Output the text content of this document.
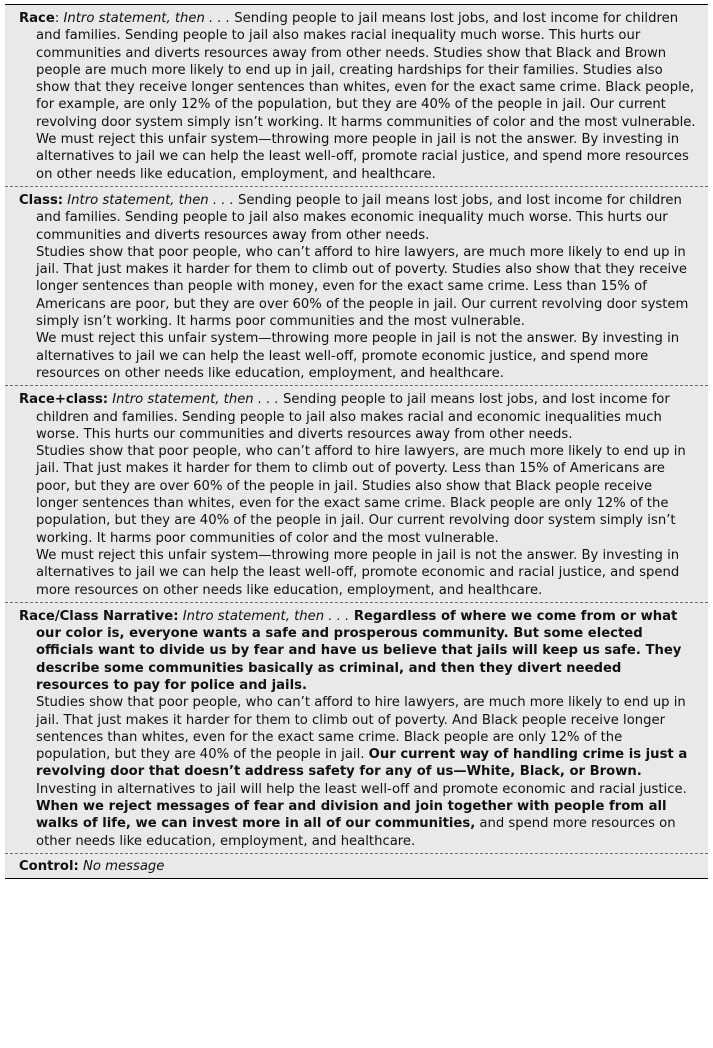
Race: Intro statement, then . . . Sending people to jail means lost jobs, and lost income for children and families. Sending people to jail also makes racial inequality much worse. This hurts our communities and diverts resources away from other needs. Studies show that Black and Brown people are much more likely to end up in jail, creating hardships for their families. Studies also show that they receive longer sentences than whites, even for the exact same crime. Black people, for example, are only 12% of the population, but they are 40% of the people in jail. Our current revolving door system simply isn’t working. It harms communities of color and the most vulnerable.

We must reject this unfair system—throwing more people in jail is not the answer. By investing in alternatives to jail we can help the least well-off, promote racial justice, and spend more resources on other needs like education, employment, and healthcare.

Class: Intro statement, then . . . Sending people to jail means lost jobs, and lost income for children and families. Sending people to jail also makes economic inequality much worse. This hurts our communities and diverts resources away from other needs.

Studies show that poor people, who can’t afford to hire lawyers, are much more likely to end up in jail. That just makes it harder for them to climb out of poverty. Studies also show that they receive longer sentences than people with money, even for the exact same crime. Less than 15% of Americans are poor, but they are over 60% of the people in jail. Our current revolving door system simply isn’t working. It harms poor communities and the most vulnerable.

We must reject this unfair system—throwing more people in jail is not the answer. By investing in alternatives to jail we can help the least well-off, promote economic justice, and spend more resources on other needs like education, employment, and healthcare.

Race+class: Intro statement, then . . . Sending people to jail means lost jobs, and lost income for children and families. Sending people to jail also makes racial and economic inequalities much worse. This hurts our communities and diverts resources away from other needs.

Studies show that poor people, who can’t afford to hire lawyers, are much more likely to end up in jail. That just makes it harder for them to climb out of poverty. Less than 15% of Americans are poor, but they are over 60% of the people in jail. Studies also show that Black people receive longer sentences than whites, even for the exact same crime. Black people are only 12% of the population, but they are 40% of the people in jail. Our current revolving door system simply isn’t working. It harms poor communities of color and the most vulnerable.

We must reject this unfair system—throwing more people in jail is not the answer. By investing in alternatives to jail we can help the least well-off, promote economic and racial justice, and spend more resources on other needs like education, employment, and healthcare.

Race/Class Narrative: Intro statement, then . . . Regardless of where we come from or what our color is, everyone wants a safe and prosperous community. But some elected officials want to divide us by fear and have us believe that jails will keep us safe. They describe some communities basically as criminal, and then they divert needed resources to pay for police and jails.

Studies show that poor people, who can’t afford to hire lawyers, are much more likely to end up in jail. That just makes it harder for them to climb out of poverty. And Black people receive longer sentences than whites, even for the exact same crime. Black people are only 12% of the population, but they are 40% of the people in jail. Our current way of handling crime is just a revolving door that doesn’t address safety for any of us—White, Black, or Brown.

Investing in alternatives to jail will help the least well-off and promote economic and racial justice. When we reject messages of fear and division and join together with people from all walks of life, we can invest more in all of our communities, and spend more resources on other needs like education, employment, and healthcare.

Control: No message
